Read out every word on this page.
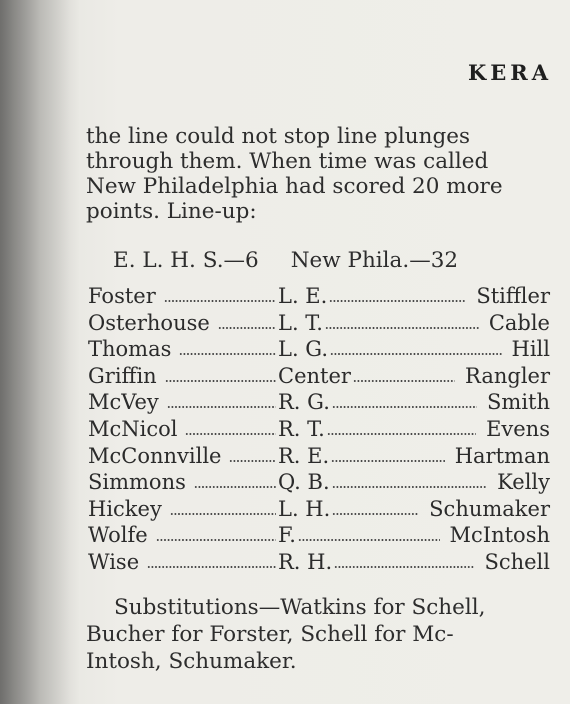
KERA
the line could not stop line plunges
through them. When time was called
New Philadelphia had scored 20 more
points. Line-up:
E. L. H. S.—6 New Phila.—32
Foster	L. E.	Stiffler
Osterhouse	L. T.	Cable
Thomas	L. G.	Hill
Griffin	Center	Rangler
McVey	R. G.	Smith
McNicol	R. T.	Evens
McConnville	R. E.	Hartman
Simmons	Q. B.	Kelly
Hickey	L. H.	Schumaker
Wolfe	F.	McIntosh
Wise	R. H.	Schell
Substitutions—Watkins for Schell,
Bucher for Forster, Schell for Mc-
Intosh, Schumaker.
